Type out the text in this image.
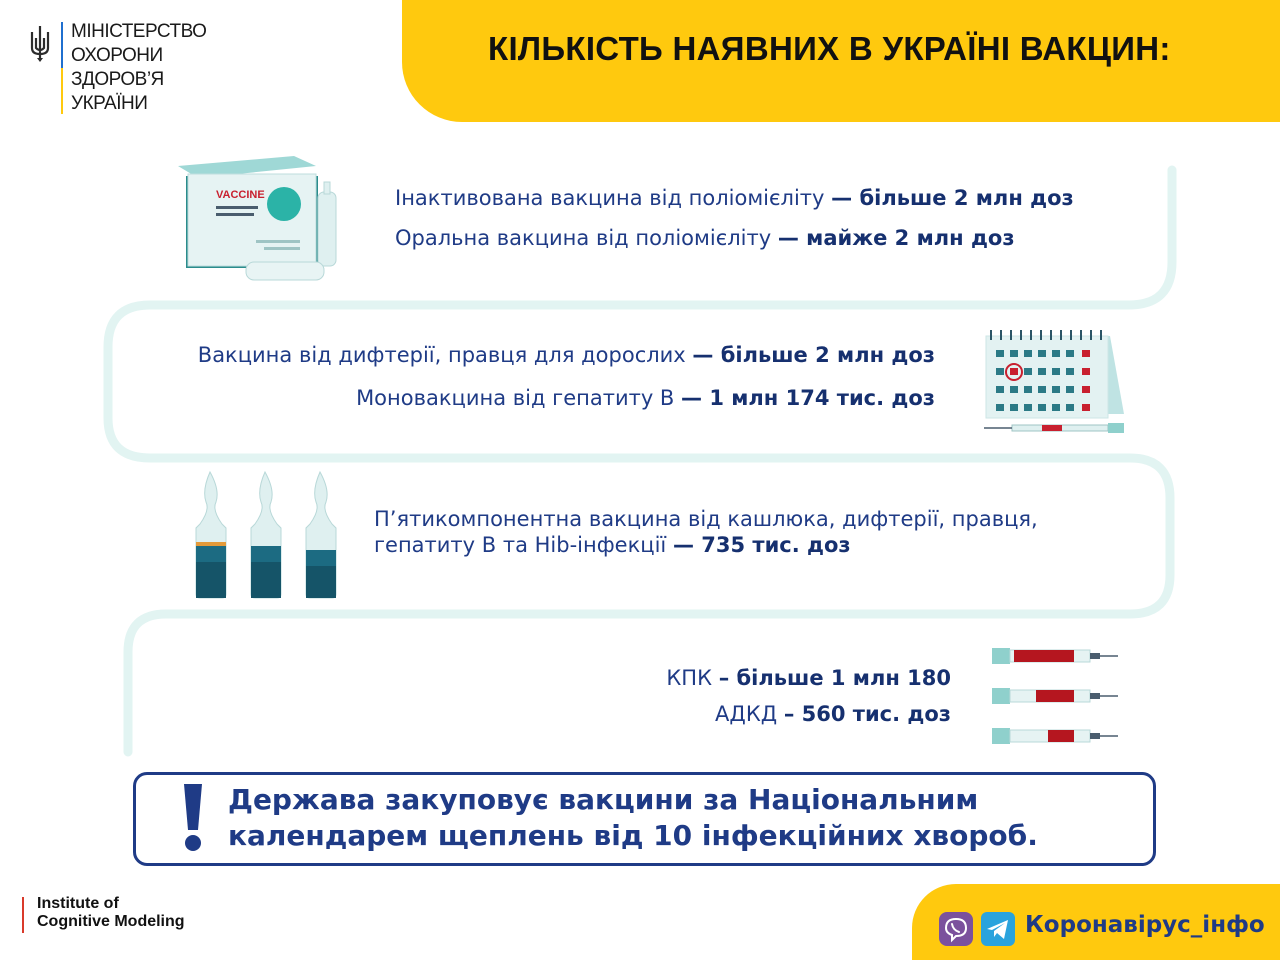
КІЛЬКІСТЬ НАЯВНИХ В УКРАЇНІ ВАКЦИН:
МІНІСТЕРСТВО
ОХОРОНИ
ЗДОРОВ’Я
УКРАЇНИ
VACCINE	Інактивована вакцина від поліомієліту — більше 2 млн доз
Оральна вакцина від поліомієліту — майже 2 млн доз
Вакцина від дифтерії, правця для дорослих — більше 2 млн доз
Моновакцина від гепатиту В — 1 млн 174 тис. доз
П’ятикомпонентна вакцина від кашлюка, дифтерії, правця,
гепатиту В та Hib-інфекції — 735 тис. доз
КПК – більше 1 млн 180
АДКД – 560 тис. доз
Держава закуповує вакцини за Національним
календарем щеплень від 10 інфекційних хвороб.
Institute of
Cognitive Modeling	Коронавірус_інфо
